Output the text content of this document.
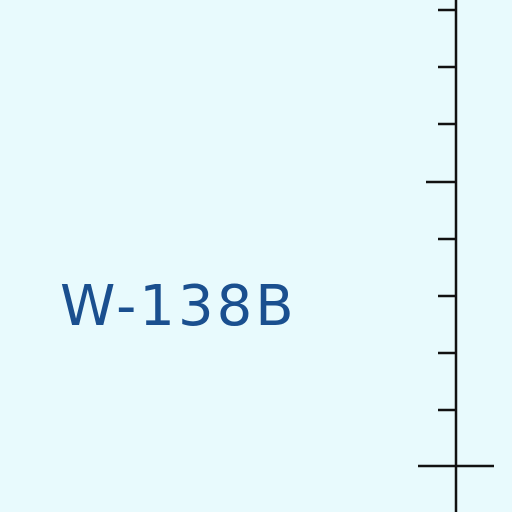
W-138B
